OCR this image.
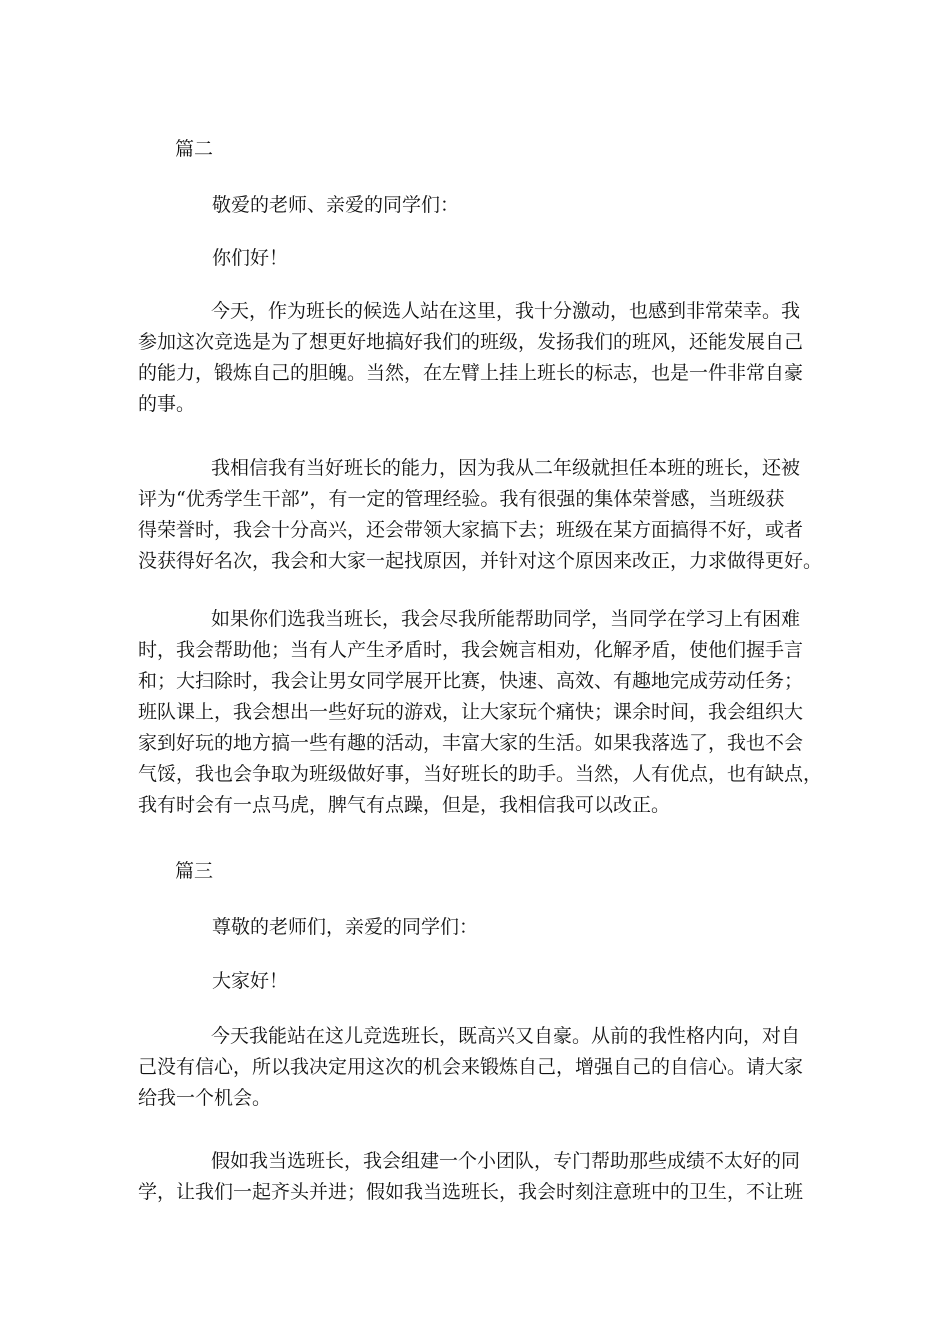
篇二
敬爱的老师、亲爱的同学们：
你们好！
今天，作为班长的候选人站在这里，我十分激动，也感到非常荣幸。我
参加这次竞选是为了想更好地搞好我们的班级，发扬我们的班风，还能发展自己
的能力，锻炼自己的胆魄。当然，在左臂上挂上班长的标志，也是一件非常自豪
的事。
我相信我有当好班长的能力，因为我从二年级就担任本班的班长，还被
评为“优秀学生干部”，有一定的管理经验。我有很强的集体荣誉感，当班级获
得荣誉时，我会十分高兴，还会带领大家搞下去；班级在某方面搞得不好，或者
没获得好名次，我会和大家一起找原因，并针对这个原因来改正，力求做得更好。
如果你们选我当班长，我会尽我所能帮助同学，当同学在学习上有困难
时，我会帮助他；当有人产生矛盾时，我会婉言相劝，化解矛盾，使他们握手言
和；大扫除时，我会让男女同学展开比赛，快速、高效、有趣地完成劳动任务；
班队课上，我会想出一些好玩的游戏，让大家玩个痛快；课余时间，我会组织大
家到好玩的地方搞一些有趣的活动，丰富大家的生活。如果我落选了，我也不会
气馁，我也会争取为班级做好事，当好班长的助手。当然，人有优点，也有缺点，
我有时会有一点马虎，脾气有点躁，但是，我相信我可以改正。
篇三
尊敬的老师们，亲爱的同学们：
大家好！
今天我能站在这儿竞选班长，既高兴又自豪。从前的我性格内向，对自
己没有信心，所以我决定用这次的机会来锻炼自己，增强自己的自信心。请大家
给我一个机会。
假如我当选班长，我会组建一个小团队，专门帮助那些成绩不太好的同
学，让我们一起齐头并进；假如我当选班长，我会时刻注意班中的卫生，不让班
